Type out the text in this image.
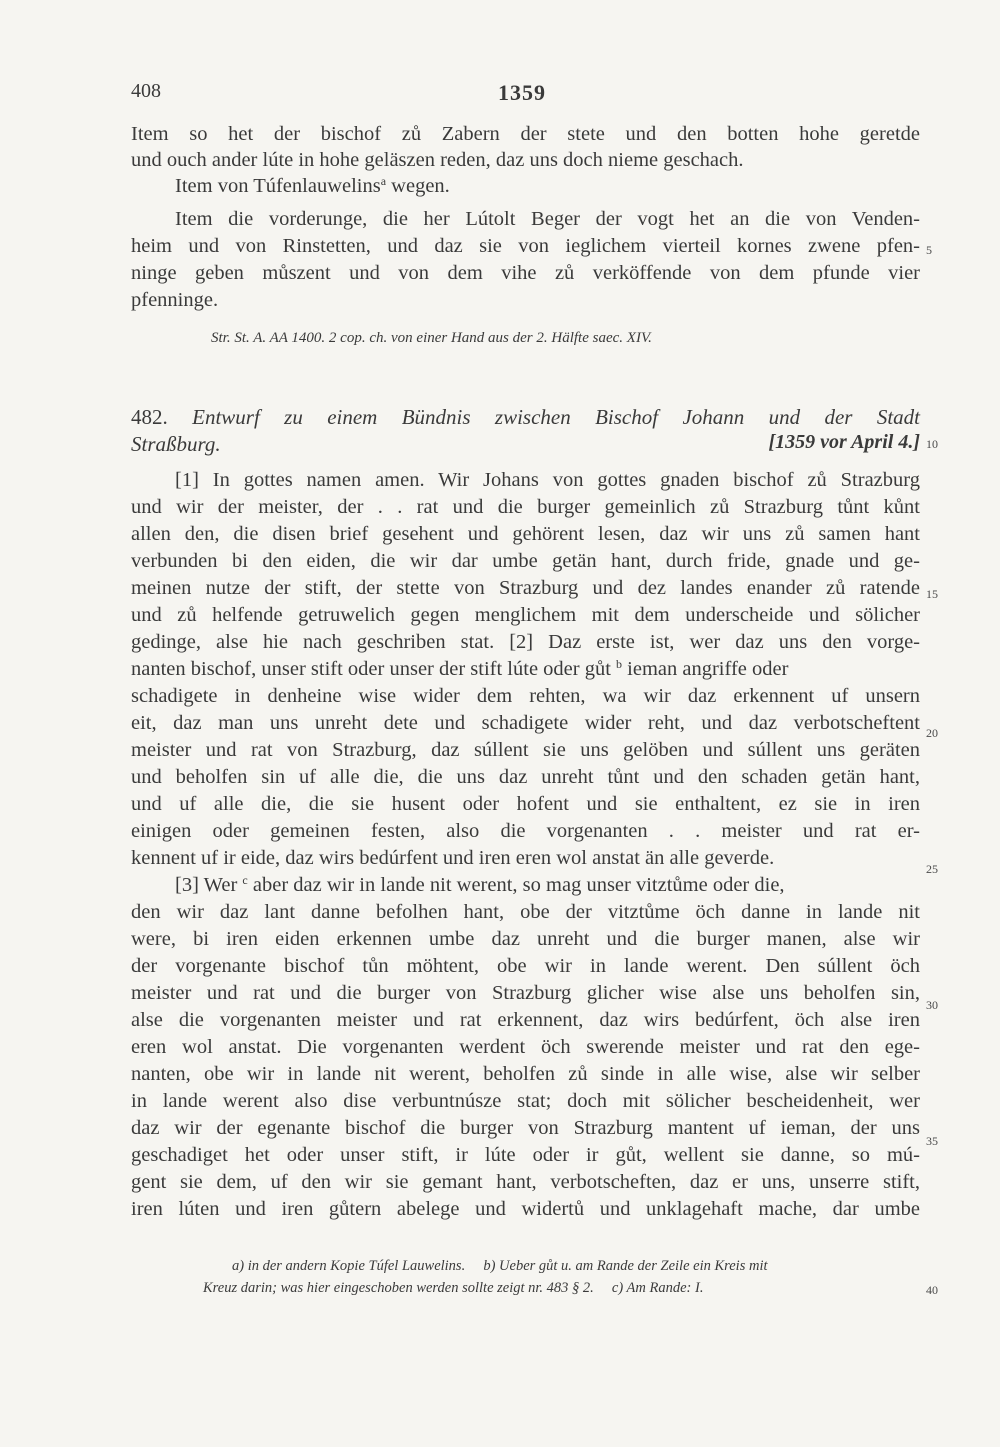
408	1359
Item so het der bischof zů Zabern der stete und den botten hohe geretde
und ouch ander lúte in hohe geläszen reden, daz uns doch nieme geschach.
Item von Túfenlauwelins$^a$ wegen.
Item die vorderunge, die her Lútolt Beger der vogt het an die von Venden-
heim und von Rinstetten, und daz sie von ieglichem vierteil kornes zwene pfen-
ninge geben můszent und von dem vihe zů verköffende von dem pfunde vier
pfenninge.
Str. St. A. AA 1400. 2 cop. ch. von einer Hand aus der 2. Hälfte saec. XIV.
482. Entwurf zu einem Bündnis zwischen Bischof Johann und der Stadt
Straßburg.	[1359 vor April 4.]
[1] In gottes namen amen. Wir Johans von gottes gnaden bischof zů Strazburg
und wir der meister, der . . rat und die burger gemeinlich zů Strazburg tůnt kůnt
allen den, die disen brief gesehent und gehörent lesen, daz wir uns zů samen hant
verbunden bi den eiden, die wir dar umbe getän hant, durch fride, gnade und ge-
meinen nutze der stift, der stette von Strazburg und dez landes enander zů ratende
und zů helfende getruwelich gegen menglichem mit dem underscheide und sölicher
gedinge, alse hie nach geschriben stat. [2] Daz erste ist, wer daz uns den vorge-
nanten bischof, unser stift oder unser der stift lúte oder gůt $^b$ ieman angriffe oder
schadigete in denheine wise wider dem rehten, wa wir daz erkennent uf unsern
eit, daz man uns unreht dete und schadigete wider reht, und daz verbotscheftent
meister und rat von Strazburg, daz súllent sie uns gelöben und súllent uns geräten
und beholfen sin uf alle die, die uns daz unreht tůnt und den schaden getän hant,
und uf alle die, die sie husent oder hofent und sie enthaltent, ez sie in iren
einigen oder gemeinen festen, also die vorgenanten . . meister und rat er-
kennent uf ir eide, daz wirs bedúrfent und iren eren wol anstat än alle geverde.
[3] Wer $^c$ aber daz wir in lande nit werent, so mag unser vitztůme oder die,
den wir daz lant danne befolhen hant, obe der vitztůme öch danne in lande nit
were, bi iren eiden erkennen umbe daz unreht und die burger manen, alse wir
der vorgenante bischof tůn möhtent, obe wir in lande werent. Den súllent öch
meister und rat und die burger von Strazburg glicher wise alse uns beholfen sin,
alse die vorgenanten meister und rat erkennent, daz wirs bedúrfent, öch alse iren
eren wol anstat. Die vorgenanten werdent öch swerende meister und rat den ege-
nanten, obe wir in lande nit werent, beholfen zů sinde in alle wise, alse wir selber
in lande werent also dise verbuntnúsze stat; doch mit sölicher bescheidenheit, wer
daz wir der egenante bischof die burger von Strazburg mantent uf ieman, der uns
geschadiget het oder unser stift, ir lúte oder ir gůt, wellent sie danne, so mú-
gent sie dem, uf den wir sie gemant hant, verbotscheften, daz er uns, unserre stift,
iren lúten und iren gůtern abelege und widertů und unklagehaft mache, dar umbe
5
10
15
20
25
30
35
40
a) in der andern Kopie Túfel Lauwelins.     b) Ueber gůt u. am Rande der Zeile ein Kreis mit
Kreuz darin; was hier eingeschoben werden sollte zeigt nr. 483 § 2.     c) Am Rande: I.
